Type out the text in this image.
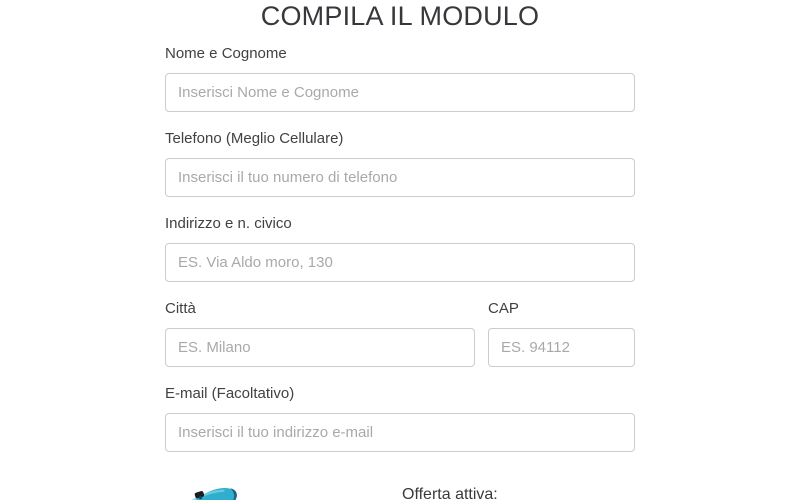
COMPILA IL MODULO
Nome e Cognome
Inserisci Nome e Cognome
Telefono (Meglio Cellulare)
Inserisci il tuo numero di telefono
Indirizzo e n. civico
ES. Via Aldo moro, 130
Città
ES. Milano	CAP
ES. 94112
E-mail (Facoltativo)
Inserisci il tuo indirizzo e-mail
Offerta attiva:
